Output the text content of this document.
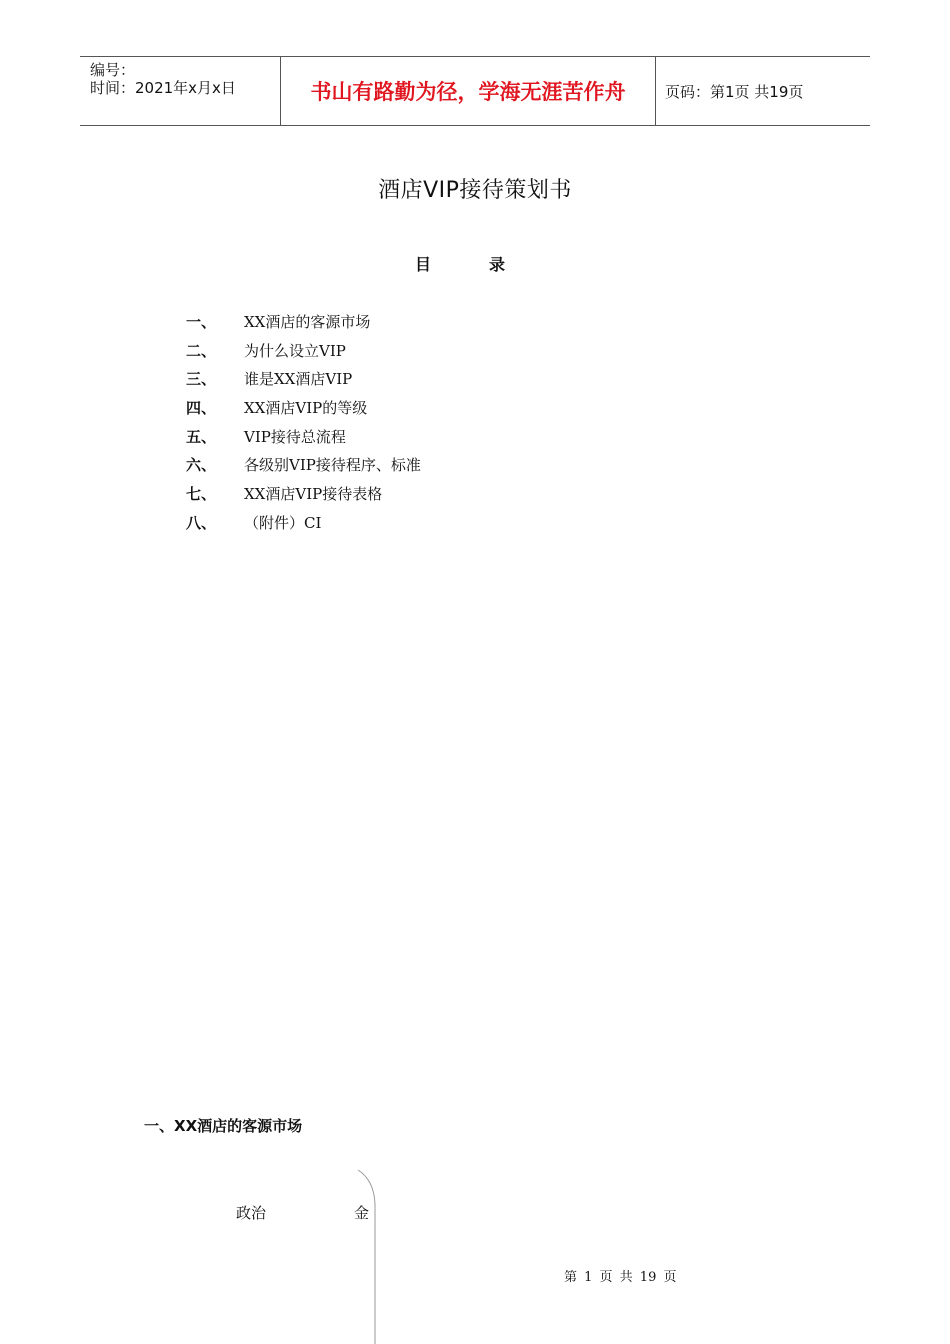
编号：
时间：2021年x月x日	书山有路勤为径，学海无涯苦作舟	页码：第1页 共19页
酒店VIP接待策划书
目	录
一、 XX酒店的客源市场
二、 为什么设立VIP
三、 谁是XX酒店VIP
四、 XX酒店VIP的等级
五、 VIP接待总流程
六、 各级别VIP接待程序、标准
七、 XX酒店VIP接待表格
八、 （附件）CI
一、XX酒店的客源市场
政治	金
第 1 页 共 19 页
